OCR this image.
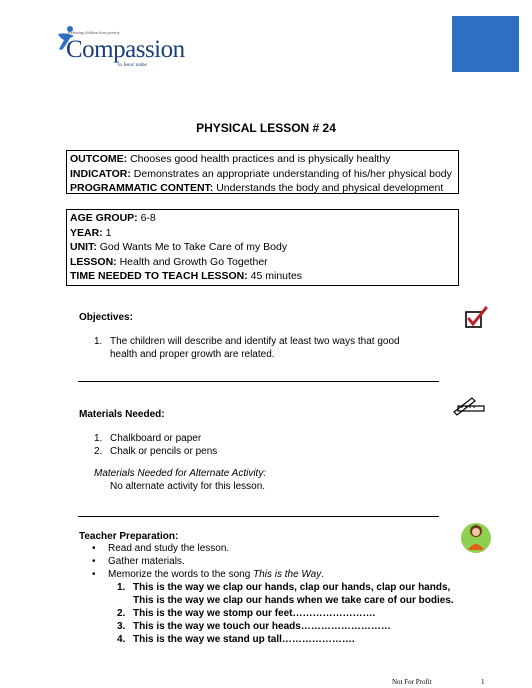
Releasing children from poverty
Compassion
in Jesus' name
PHYSICAL LESSON # 24
OUTCOME: Chooses good health practices and is physically healthy
INDICATOR: Demonstrates an appropriate understanding of his/her physical body
PROGRAMMATIC CONTENT: Understands the body and physical development
AGE GROUP: 6-8
YEAR: 1
UNIT: God Wants Me to Take Care of my Body
LESSON: Health and Growth Go Together
TIME NEEDED TO TEACH LESSON: 45 minutes
Objectives:
1. The children will describe and identify at least two ways that good
health and proper growth are related.
Materials Needed:
1. Chalkboard or paper
2. Chalk or pencils or pens
Materials Needed for Alternate Activity:
No alternate activity for this lesson.
Teacher Preparation:
• Read and study the lesson.
• Gather materials.
• Memorize the words to the song This is the Way.
1. This is the way we clap our hands, clap our hands, clap our hands,
This is the way we clap our hands when we take care of our bodies.
2. This is the way we stomp our feet…………………….
3. This is the way we touch our heads………………………
4. This is the way we stand up tall………………….
Not For Profit	1
